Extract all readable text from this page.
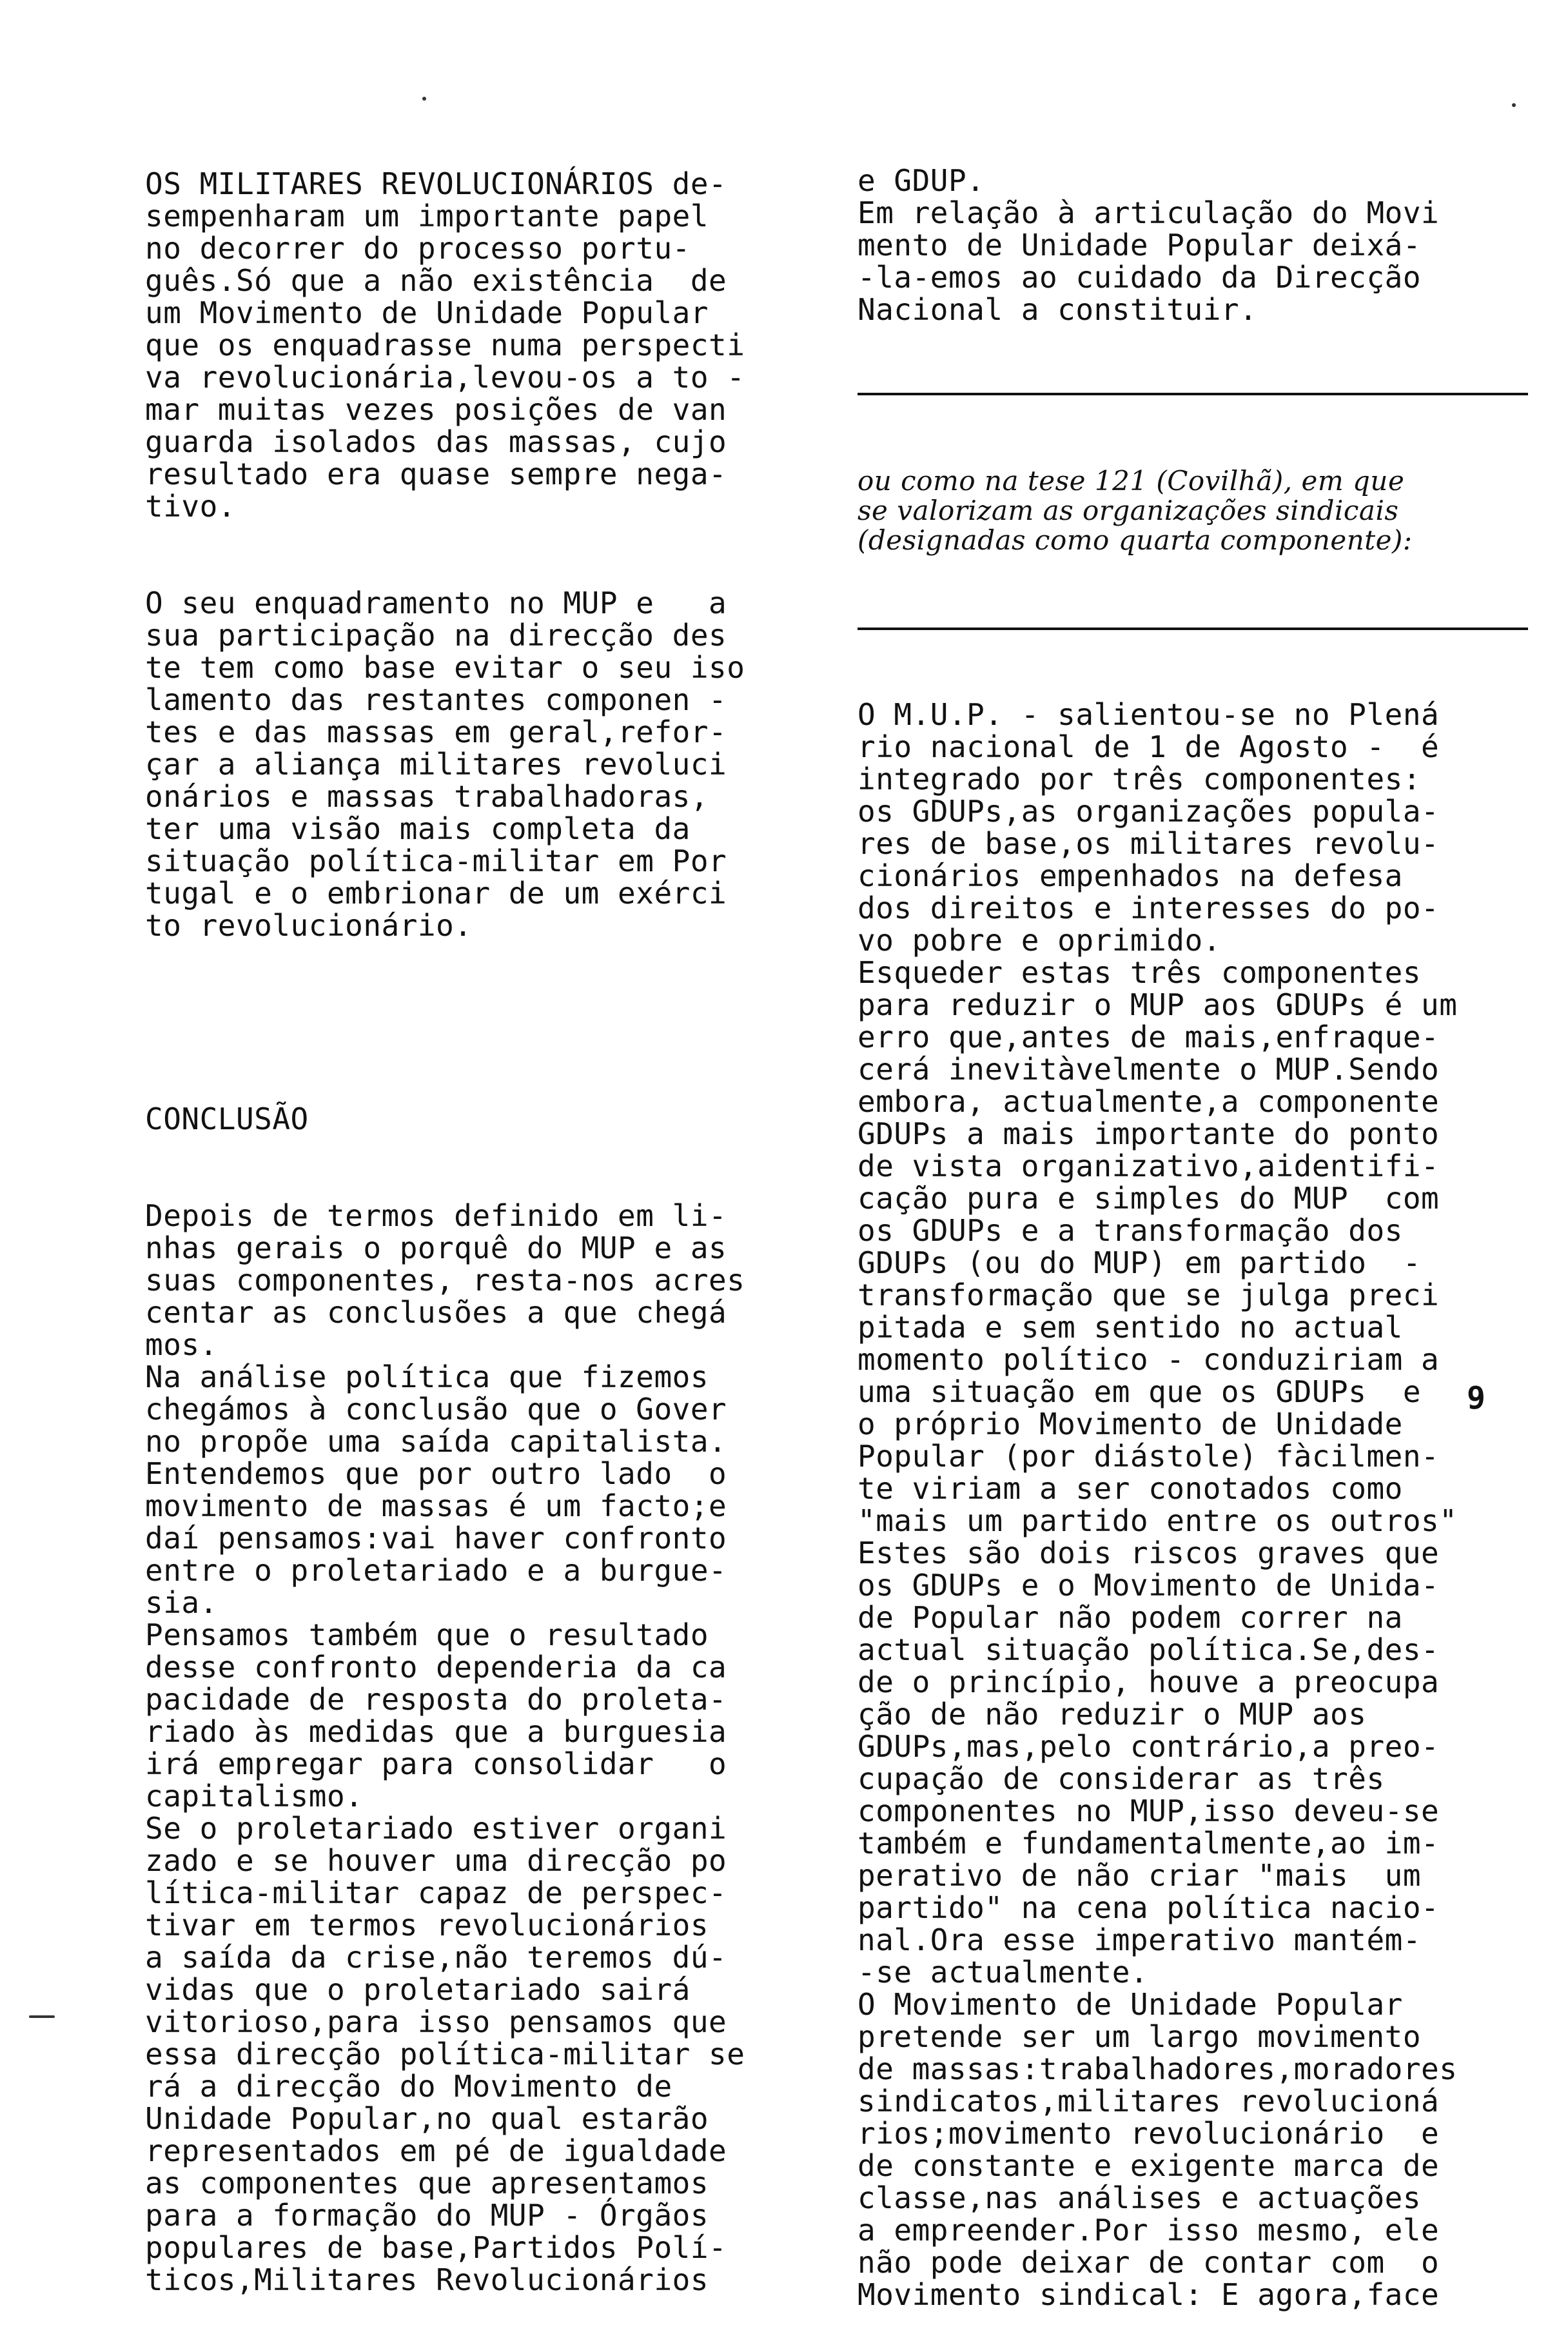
OS MILITARES REVOLUCIONÁRIOS de-
sempenharam um importante papel
no decorrer do processo portu-
guês.Só que a não existência  de
um Movimento de Unidade Popular
que os enquadrasse numa perspecti
va revolucionária,levou-os a to -
mar muitas vezes posições de van
guarda isolados das massas, cujo
resultado era quase sempre nega-
tivo.

O seu enquadramento no MUP e   a
sua participação na direcção des
te tem como base evitar o seu iso
lamento das restantes componen -
tes e das massas em geral,refor-
çar a aliança militares revoluci
onários e massas trabalhadoras,
ter uma visão mais completa da
situação política-militar em Por
tugal e o embrionar de um exérci
to revolucionário.

CONCLUSÃO

Depois de termos definido em li-
nhas gerais o porquê do MUP e as
suas componentes, resta-nos acres
centar as conclusões a que chegá
mos.
Na análise política que fizemos
chegámos à conclusão que o Gover
no propõe uma saída capitalista.
Entendemos que por outro lado  o
movimento de massas é um facto;e
daí pensamos:vai haver confronto
entre o proletariado e a burgue-
sia.
Pensamos também que o resultado
desse confronto dependeria da ca
pacidade de resposta do proleta-
riado às medidas que a burguesia
irá empregar para consolidar   o
capitalismo.
Se o proletariado estiver organi
zado e se houver uma direcção po
lítica-militar capaz de perspec-
tivar em termos revolucionários
a saída da crise,não teremos dú-
vidas que o proletariado sairá
vitorioso,para isso pensamos que
essa direcção política-militar se
rá a direcção do Movimento de
Unidade Popular,no qual estarão
representados em pé de igualdade
as componentes que apresentamos
para a formação do MUP - Órgãos
populares de base,Partidos Polí-
ticos,Militares Revolucionários

e GDUP.
Em relação à articulação do Movi
mento de Unidade Popular deixá-
-la-emos ao cuidado da Direcção
Nacional a constituir.

ou como na tese 121 (Covilhã), em que
se valorizam as organizações sindicais
(designadas como quarta componente):

O M.U.P. - salientou-se no Plená
rio nacional de 1 de Agosto -  é
integrado por três componentes:
os GDUPs,as organizações popula-
res de base,os militares revolu-
cionários empenhados na defesa
dos direitos e interesses do po-
vo pobre e oprimido.
Esqueder estas três componentes
para reduzir o MUP aos GDUPs é um
erro que,antes de mais,enfraque-
cerá inevitàvelmente o MUP.Sendo
embora, actualmente,a componente
GDUPs a mais importante do ponto
de vista organizativo,aidentifi-
cação pura e simples do MUP  com
os GDUPs e a transformação dos
GDUPs (ou do MUP) em partido  -
transformação que se julga preci
pitada e sem sentido no actual
momento político - conduziriam a
uma situação em que os GDUPs  e
o próprio Movimento de Unidade
Popular (por diástole) fàcilmen-
te viriam a ser conotados como
"mais um partido entre os outros"
Estes são dois riscos graves que
os GDUPs e o Movimento de Unida-
de Popular não podem correr na
actual situação política.Se,des-
de o princípio, houve a preocupa
ção de não reduzir o MUP aos
GDUPs,mas,pelo contrário,a preo-
cupação de considerar as três
componentes no MUP,isso deveu-se
também e fundamentalmente,ao im-
perativo de não criar "mais  um
partido" na cena política nacio-
nal.Ora esse imperativo mantém-
-se actualmente.
O Movimento de Unidade Popular
pretende ser um largo movimento
de massas:trabalhadores,moradores
sindicatos,militares revolucioná
rios;movimento revolucionário  e
de constante e exigente marca de
classe,nas análises e actuações
a empreender.Por isso mesmo, ele
não pode deixar de contar com  o
Movimento sindical: E agora,face

9
